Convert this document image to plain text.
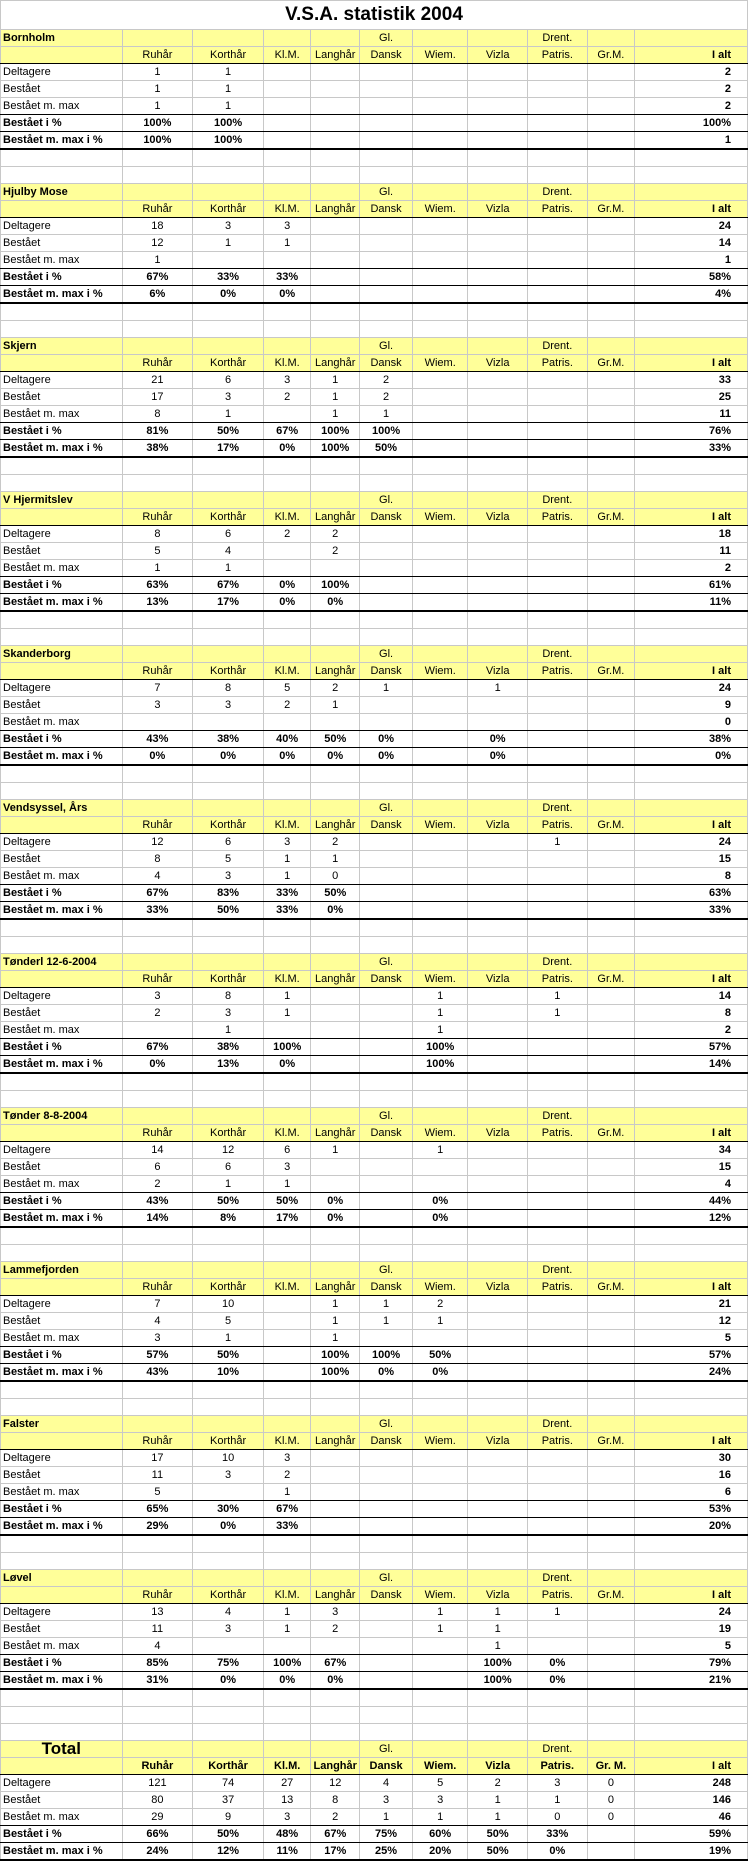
V.S.A. statistik 2004										
Bornholm					Gl.			Drent.		
	Ruhår	Korthår	Kl.M.	Langhår	Dansk	Wiem.	Vizla	Patris.	Gr.M.	I alt
Deltagere	1	1								2
Bestået	1	1								2
Bestået m. max	1	1								2
Bestået i %	100%	100%								100%
Bestået m. max i %	100%	100%								1

Hjulby Mose					Gl.			Drent.		
	Ruhår	Korthår	Kl.M.	Langhår	Dansk	Wiem.	Vizla	Patris.	Gr.M.	I alt
Deltagere	18	3	3							24
Bestået	12	1	1							14
Bestået m. max	1									1
Bestået i %	67%	33%	33%							58%
Bestået m. max i %	6%	0%	0%							4%

Skjern					Gl.			Drent.		
	Ruhår	Korthår	Kl.M.	Langhår	Dansk	Wiem.	Vizla	Patris.	Gr.M.	I alt
Deltagere	21	6	3	1	2					33
Bestået	17	3	2	1	2					25
Bestået m. max	8	1		1	1					11
Bestået i %	81%	50%	67%	100%	100%					76%
Bestået m. max i %	38%	17%	0%	100%	50%					33%

V Hjermitslev					Gl.			Drent.		
	Ruhår	Korthår	Kl.M.	Langhår	Dansk	Wiem.	Vizla	Patris.	Gr.M.	I alt
Deltagere	8	6	2	2						18
Bestået	5	4		2						11
Bestået m. max	1	1								2
Bestået i %	63%	67%	0%	100%						61%
Bestået m. max i %	13%	17%	0%	0%						11%

Skanderborg					Gl.			Drent.		
	Ruhår	Korthår	Kl.M.	Langhår	Dansk	Wiem.	Vizla	Patris.	Gr.M.	I alt
Deltagere	7	8	5	2	1		1			24
Bestået	3	3	2	1						9
Bestået m. max										0
Bestået i %	43%	38%	40%	50%	0%		0%			38%
Bestået m. max i %	0%	0%	0%	0%	0%		0%			0%

Vendsyssel, Års					Gl.			Drent.		
	Ruhår	Korthår	Kl.M.	Langhår	Dansk	Wiem.	Vizla	Patris.	Gr.M.	I alt
Deltagere	12	6	3	2				1		24
Bestået	8	5	1	1						15
Bestået m. max	4	3	1	0						8
Bestået i %	67%	83%	33%	50%						63%
Bestået m. max i %	33%	50%	33%	0%						33%

Tønderl 12-6-2004					Gl.			Drent.		
	Ruhår	Korthår	Kl.M.	Langhår	Dansk	Wiem.	Vizla	Patris.	Gr.M.	I alt
Deltagere	3	8	1			1		1		14
Bestået	2	3	1			1		1		8
Bestået m. max		1				1				2
Bestået i %	67%	38%	100%			100%				57%
Bestået m. max i %	0%	13%	0%			100%				14%

Tønder 8-8-2004					Gl.			Drent.		
	Ruhår	Korthår	Kl.M.	Langhår	Dansk	Wiem.	Vizla	Patris.	Gr.M.	I alt
Deltagere	14	12	6	1		1				34
Bestået	6	6	3							15
Bestået m. max	2	1	1							4
Bestået i %	43%	50%	50%	0%		0%				44%
Bestået m. max i %	14%	8%	17%	0%		0%				12%

Lammefjorden					Gl.			Drent.		
	Ruhår	Korthår	Kl.M.	Langhår	Dansk	Wiem.	Vizla	Patris.	Gr.M.	I alt
Deltagere	7	10		1	1	2				21
Bestået	4	5		1	1	1				12
Bestået m. max	3	1		1						5
Bestået i %	57%	50%		100%	100%	50%				57%
Bestået m. max i %	43%	10%		100%	0%	0%				24%

Falster					Gl.			Drent.		
	Ruhår	Korthår	Kl.M.	Langhår	Dansk	Wiem.	Vizla	Patris.	Gr.M.	I alt
Deltagere	17	10	3							30
Bestået	11	3	2							16
Bestået m. max	5		1							6
Bestået i %	65%	30%	67%							53%
Bestået m. max i %	29%	0%	33%							20%

Løvel					Gl.			Drent.		
	Ruhår	Korthår	Kl.M.	Langhår	Dansk	Wiem.	Vizla	Patris.	Gr.M.	I alt
Deltagere	13	4	1	3		1	1	1		24
Bestået	11	3	1	2		1	1			19
Bestået m. max	4						1			5
Bestået i %	85%	75%	100%	67%			100%	0%		79%
Bestået m. max i %	31%	0%	0%	0%			100%	0%		21%

Total					Gl.			Drent.		
	Ruhår	Korthår	Kl.M.	Langhår	Dansk	Wiem.	Vizla	Patris.	Gr. M.	I alt
Deltagere	121	74	27	12	4	5	2	3	0	248
Bestået	80	37	13	8	3	3	1	1	0	146
Bestået m. max	29	9	3	2	1	1	1	0	0	46
Bestået i %	66%	50%	48%	67%	75%	60%	50%	33%		59%
Bestået m. max i %	24%	12%	11%	17%	25%	20%	50%	0%		19%
